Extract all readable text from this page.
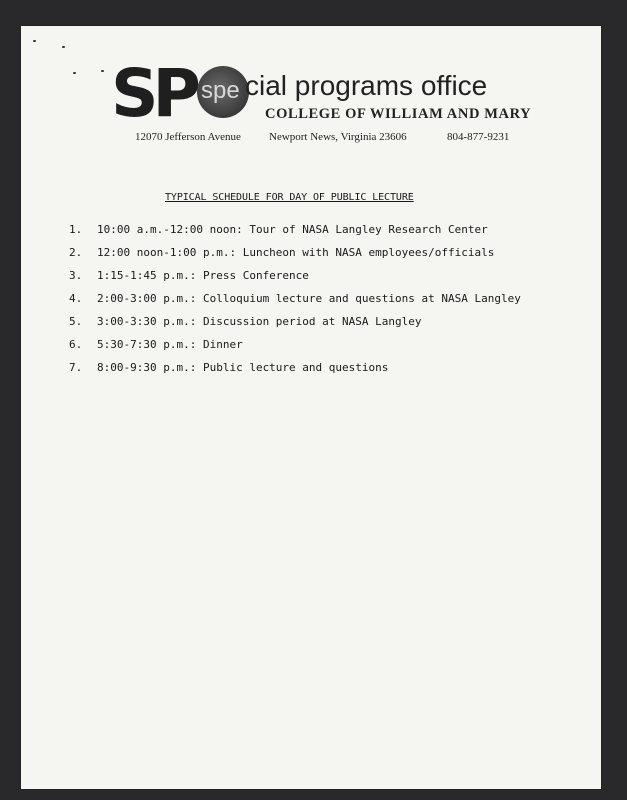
SP spe cial programs office
COLLEGE OF WILLIAM AND MARY
12070 Jefferson Avenue	Newport News, Virginia 23606	804-877-9231
TYPICAL SCHEDULE FOR DAY OF PUBLIC LECTURE
1.	10:00 a.m.-12:00 noon: Tour of NASA Langley Research Center
2.	12:00 noon-1:00 p.m.: Luncheon with NASA employees/officials
3.	1:15-1:45 p.m.: Press Conference
4.	2:00-3:00 p.m.: Colloquium lecture and questions at NASA Langley
5.	3:00-3:30 p.m.: Discussion period at NASA Langley
6.	5:30-7:30 p.m.: Dinner
7.	8:00-9:30 p.m.: Public lecture and questions
